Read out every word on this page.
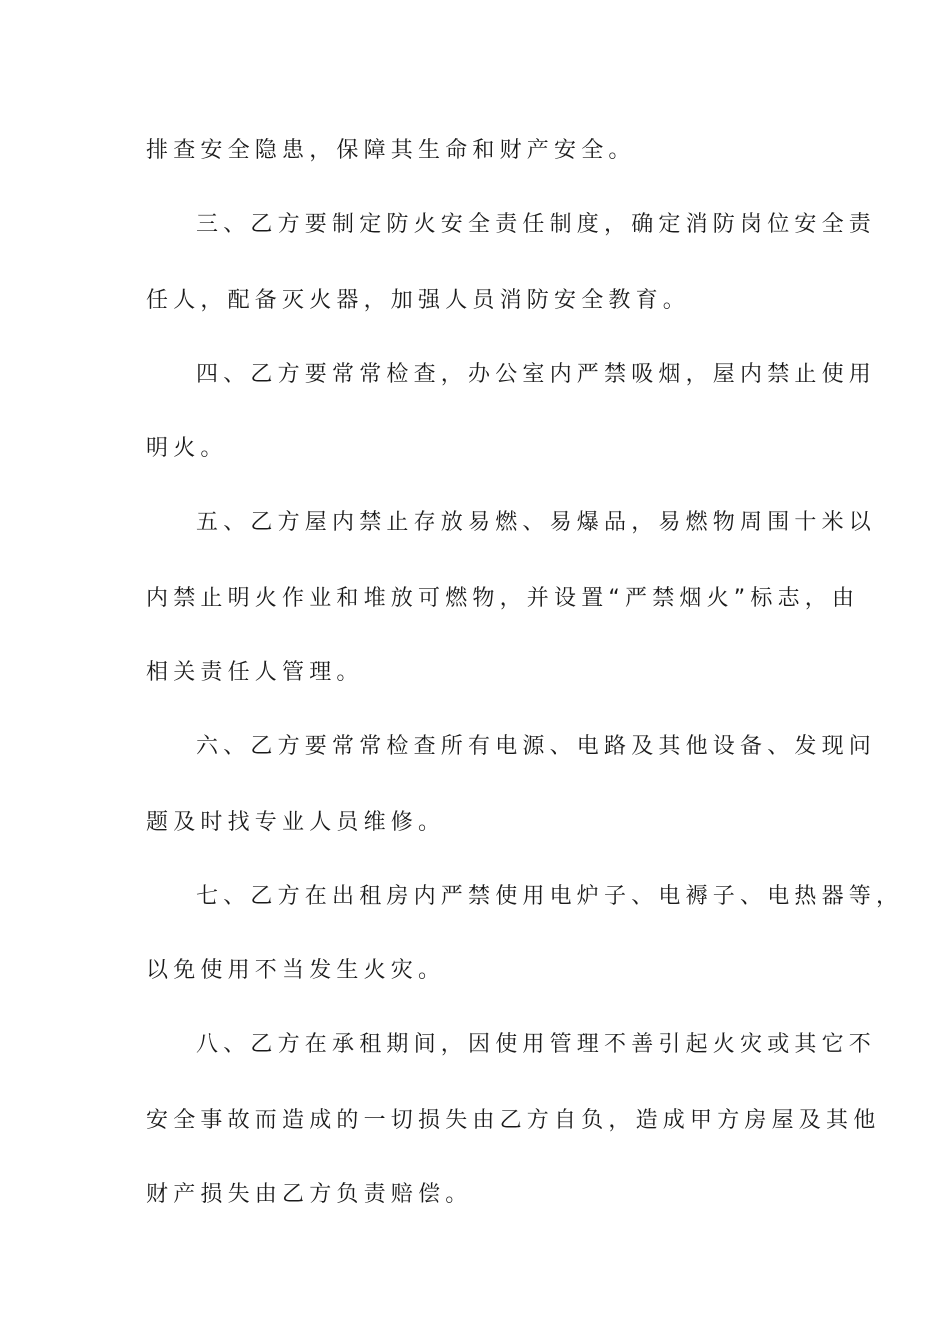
排查安全隐患，保障其生命和财产安全。
三、乙方要制定防火安全责任制度，确定消防岗位安全责
任人，配备灭火器，加强人员消防安全教育。
四、乙方要常常检查，办公室内严禁吸烟，屋内禁止使用
明火。
五、乙方屋内禁止存放易燃、易爆品，易燃物周围十米以
内禁止明火作业和堆放可燃物，并设置“严禁烟火”标志，由
相关责任人管理。
六、乙方要常常检查所有电源、电路及其他设备、发现问
题及时找专业人员维修。
七、乙方在出租房内严禁使用电炉子、电褥子、电热器等，
以免使用不当发生火灾。
八、乙方在承租期间，因使用管理不善引起火灾或其它不
安全事故而造成的一切损失由乙方自负，造成甲方房屋及其他
财产损失由乙方负责赔偿。
